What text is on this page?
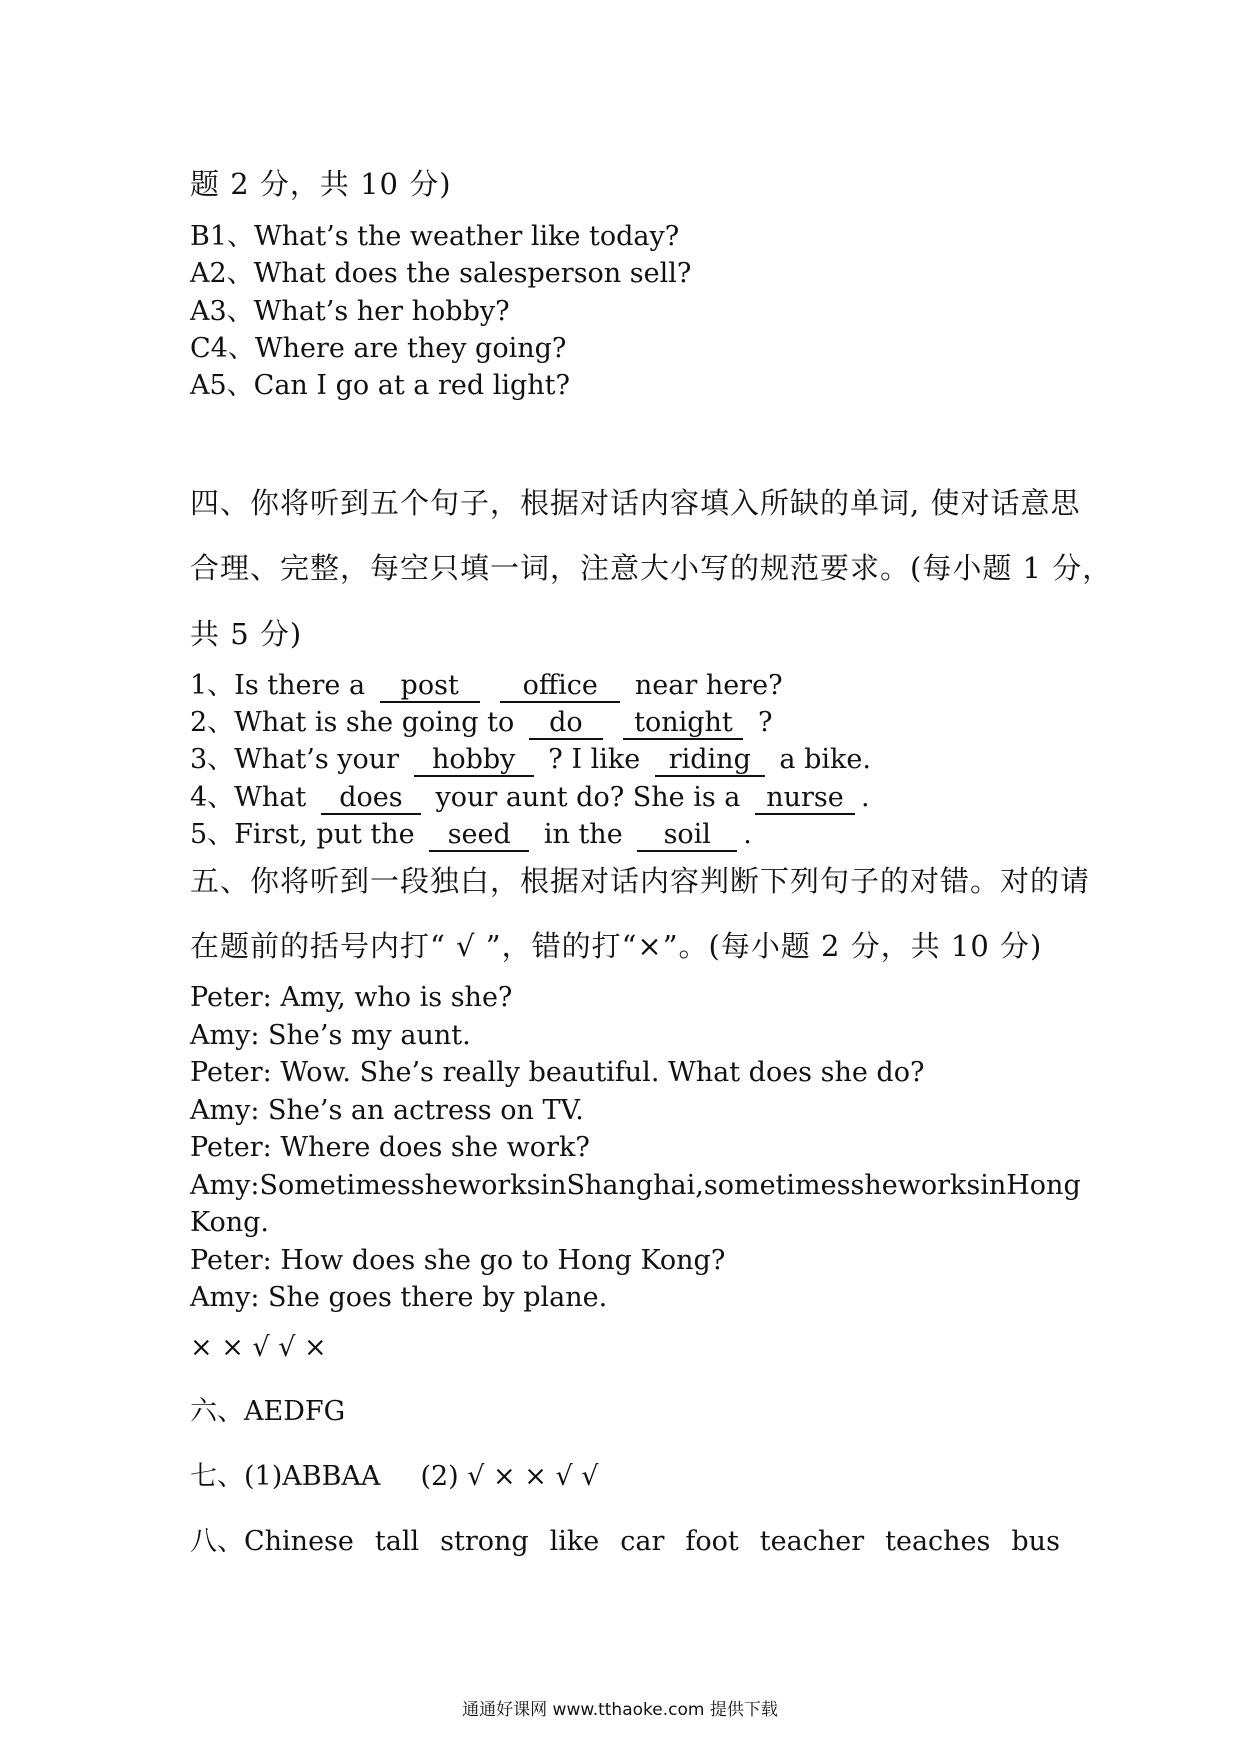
题 2 分，共 10 分)
B1、What’s the weather like today?
A2、What does the salesperson sell?
A3、What’s her hobby?
C4、Where are they going?
A5、Can I go at a red light?
四、你将听到五个句子，根据对话内容填入所缺的单词, 使对话意思
合理、完整，每空只填一词，注意大小写的规范要求。(每小题 1 分，
共 5 分)
1、Is there a post office near here?
2、What is she going to do tonight ?
3、What’s your hobby ? I like riding a bike.
4、What does your aunt do? She is a nurse .
5、First, put the seed in the soil .
五、你将听到一段独白，根据对话内容判断下列句子的对错。对的请
在题前的括号内打“ √ ”，错的打“×”。(每小题 2 分，共 10 分)
Peter: Amy, who is she?
Amy: She’s my aunt.
Peter: Wow. She’s really beautiful. What does she do?
Amy: She’s an actress on TV.
Peter: Where does she work?
Amy: Sometimes she works in Shanghai, sometimes she works in Hong
Kong.
Peter: How does she go to Hong Kong?
Amy: She goes there by plane.
× × √ √ ×
六、AEDFG
七、(1)ABBAA (2) √ × × √ √
八、Chinese tall strong like car foot teacher teaches bus
通通好课网 www.tthaoke.com 提供下载
